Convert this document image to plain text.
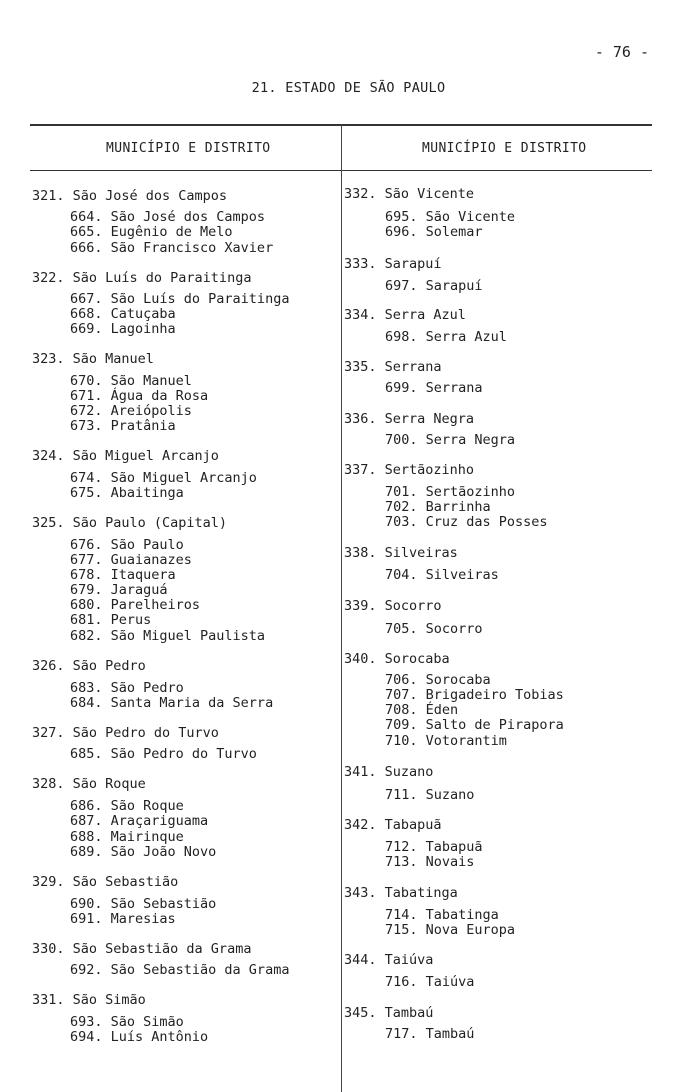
- 76 -
21. ESTADO DE SÃO PAULO
MUNICÍPIO E DISTRITO	MUNICÍPIO E DISTRITO
321. São José dos Campos
664. São José dos Campos
665. Eugênio de Melo
666. São Francisco Xavier
322. São Luís do Paraitinga
667. São Luís do Paraitinga
668. Catuçaba
669. Lagoinha
323. São Manuel
670. São Manuel
671. Água da Rosa
672. Areiópolis
673. Pratânia
324. São Miguel Arcanjo
674. São Miguel Arcanjo
675. Abaitinga
325. São Paulo (Capital)
676. São Paulo
677. Guaianazes
678. Itaquera
679. Jaraguá
680. Parelheiros
681. Perus
682. São Miguel Paulista
326. São Pedro
683. São Pedro
684. Santa Maria da Serra
327. São Pedro do Turvo
685. São Pedro do Turvo
328. São Roque
686. São Roque
687. Araçariguama
688. Mairinque
689. São João Novo
329. São Sebastião
690. São Sebastião
691. Maresias
330. São Sebastião da Grama
692. São Sebastião da Grama
331. São Simão
693. São Simão
694. Luís Antônio
332. São Vicente
695. São Vicente
696. Solemar
333. Sarapuí
697. Sarapuí
334. Serra Azul
698. Serra Azul
335. Serrana
699. Serrana
336. Serra Negra
700. Serra Negra
337. Sertãozinho
701. Sertãozinho
702. Barrinha
703. Cruz das Posses
338. Silveiras
704. Silveiras
339. Socorro
705. Socorro
340. Sorocaba
706. Sorocaba
707. Brigadeiro Tobias
708. Éden
709. Salto de Pirapora
710. Votorantim
341. Suzano
711. Suzano
342. Tabapuã
712. Tabapuã
713. Novais
343. Tabatinga
714. Tabatinga
715. Nova Europa
344. Taiúva
716. Taiúva
345. Tambaú
717. Tambaú
